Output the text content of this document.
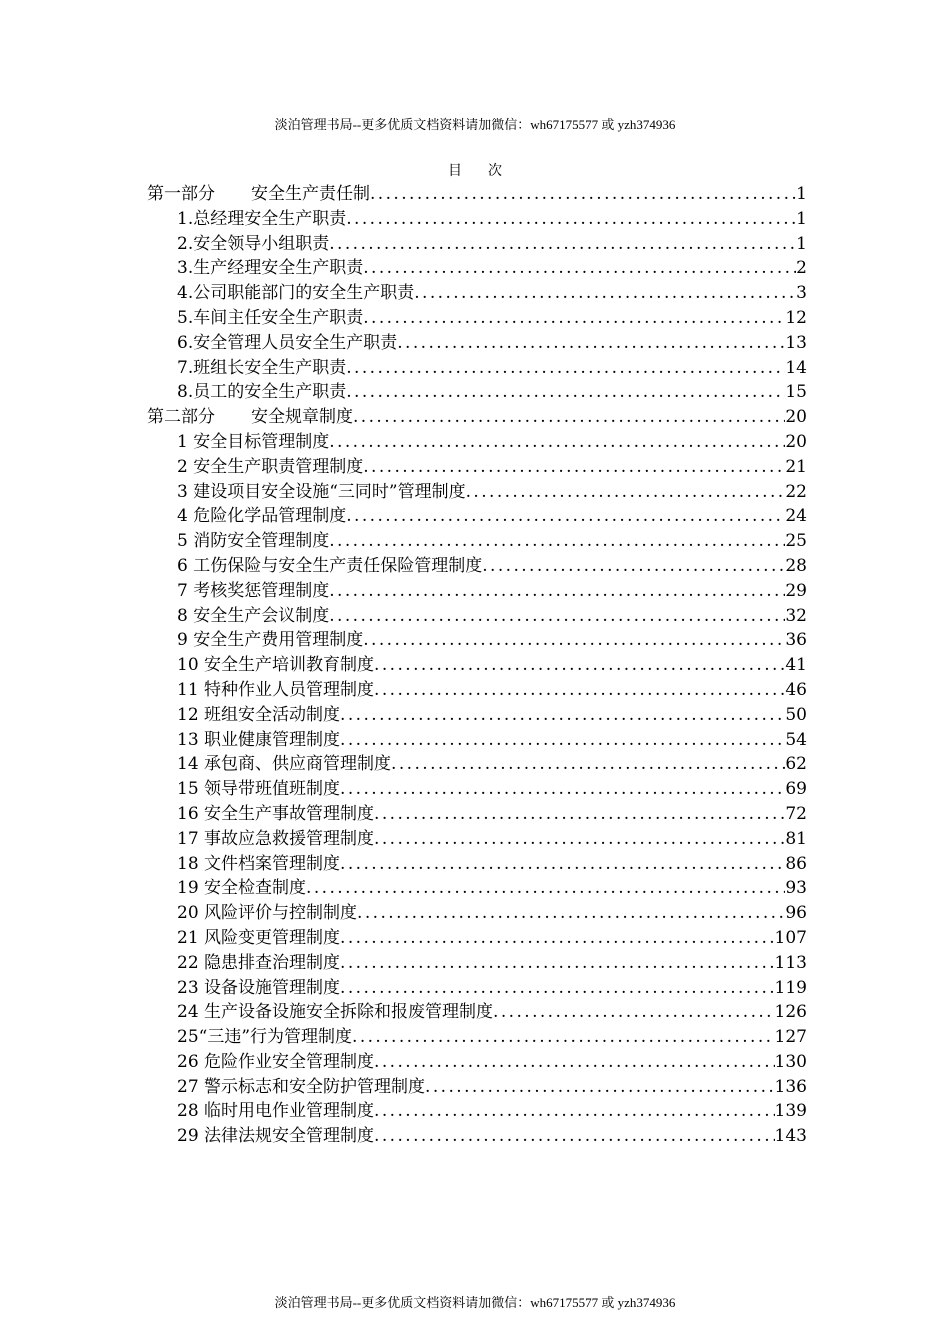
淡泊管理书局--更多优质文档资料请加微信：wh67175577 或 yzh374936
目次
第一部分 安全生产责任制 .....	1
1.总经理安全生产职责 .....	1
2.安全领导小组职责 .....	1
3.生产经理安全生产职责 .....	2
4.公司职能部门的安全生产职责 .....	3
5.车间主任安全生产职责 .....	12
6.安全管理人员安全生产职责 .....	13
7.班组长安全生产职责 .....	14
8.员工的安全生产职责 .....	15
第二部分 安全规章制度 .....	20
1 安全目标管理制度 .....	20
2 安全生产职责管理制度 .....	21
3 建设项目安全设施“三同时”管理制度 .....	22
4 危险化学品管理制度 .....	24
5 消防安全管理制度 .....	25
6 工伤保险与安全生产责任保险管理制度 .....	28
7 考核奖惩管理制度 .....	29
8 安全生产会议制度 .....	32
9 安全生产费用管理制度 .....	36
10 安全生产培训教育制度 .....	41
11 特种作业人员管理制度 .....	46
12 班组安全活动制度 .....	50
13 职业健康管理制度 .....	54
14 承包商、供应商管理制度 .....	62
15 领导带班值班制度 .....	69
16 安全生产事故管理制度 .....	72
17 事故应急救援管理制度 .....	81
18 文件档案管理制度 .....	86
19 安全检查制度 .....	93
20 风险评价与控制制度 .....	96
21 风险变更管理制度 .....	107
22 隐患排查治理制度 .....	113
23 设备设施管理制度 .....	119
24 生产设备设施安全拆除和报废管理制度 .....	126
25“三违”行为管理制度 .....	127
26 危险作业安全管理制度 .....	130
27 警示标志和安全防护管理制度 .....	136
28 临时用电作业管理制度 .....	139
29 法律法规安全管理制度 .....	143
淡泊管理书局--更多优质文档资料请加微信：wh67175577 或 yzh374936
